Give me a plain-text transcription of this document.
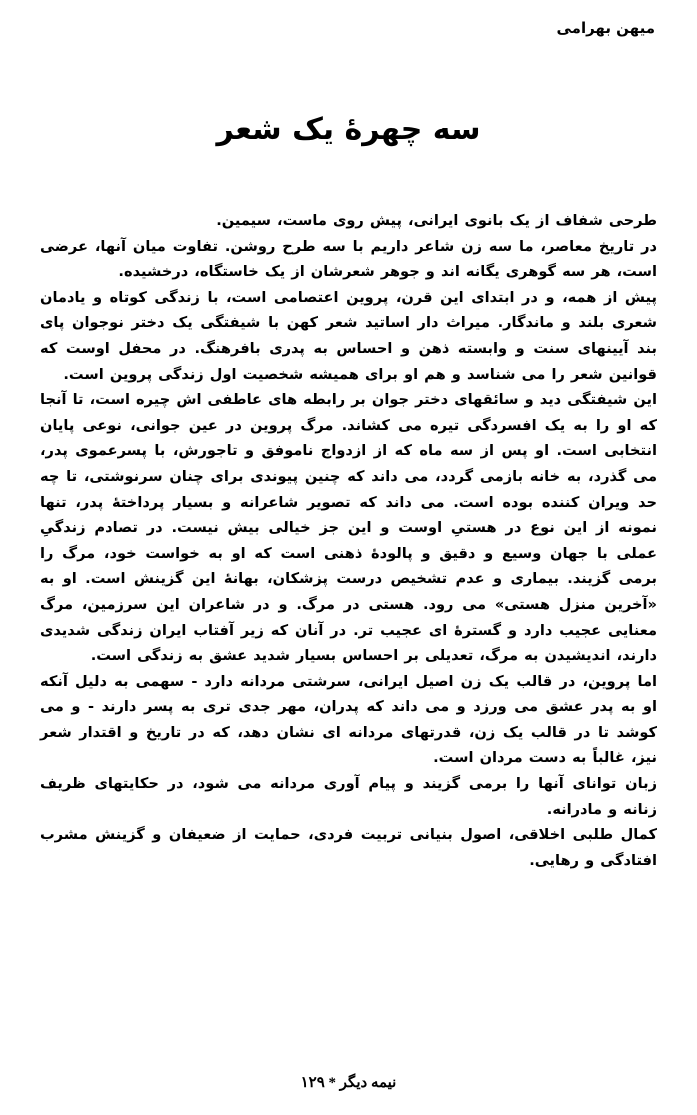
میهن بهرامی
سه چهرهٔ یک شعر

طرحی شفاف از یک بانوی ایرانی، پیش روی ماست، سیمین.

در تاریخ معاصر، ما سه زن شاعر داریم با سه طرح روشن. تفاوت میان آنها، عرضی است، هر سه گوهری یگانه اند و جوهر شعرشان از یک خاستگاه، درخشیده.

پیش از همه، و در ابتدای این قرن، پروین اعتصامی است، با زندگی کوتاه و یادمان شعری بلند و ماندگار. میراث دار اساتید شعر کهن با شیفتگی یک دختر نوجوان پای بند آیینهای سنت و وابسته ذهن و احساس به پدری بافرهنگ. در محفل اوست که قوانین شعر را می شناسد و هم او برای همیشه شخصیت اول زندگی پروین است.

این شیفتگی دید و سائقهای دختر جوان بر رابطه های عاطفی اش چیره است، تا آنجا که او را به یک افسردگی تیره می کشاند. مرگ پروین در عین جوانی، نوعی پایان انتخابی است. او پس از سه ماه که از ازدواج ناموفق و تاجورش، با پسرعموی پدر، می گذرد، به خانه بازمی گردد، می داند که چنین پیوندی برای چنان سرنوشتی، تا چه حد ویران کننده بوده است. می داند که تصویر شاعرانه و بسیار پرداختهٔ پدر، تنها نمونه از این نوع در هستیِ اوست و این جز خیالی بیش نیست. در تصادم زندگیِ عملی با جهان وسیع و دقیق و پالودهٔ ذهنی است که او به خواست خود، مرگ را برمی گزیند. بیماری و عدم تشخیص درست پزشکان، بهانهٔ این گزینش است. او به «آخرین منزل هستی» می رود. هستی در مرگ. و در شاعران این سرزمین، مرگ معنایی عجیب دارد و گسترهٔ ای عجیب تر. در آنان که زیر آفتاب ایران زندگی شدیدی دارند، اندیشیدن به مرگ، تعدیلی بر احساس بسیار شدید عشق به زندگی است.

اما پروین، در قالب یک زن اصیل ایرانی، سرشتی مردانه دارد - سهمی به دلیل آنکه او به پدر عشق می ورزد و می داند که پدران، مهر جدی تری به پسر دارند - و می کوشد تا در قالب یک زن، قدرتهای مردانه ای نشان دهد، که در تاریخ و اقتدار شعر نیز، غالباً به دست مردان است.

زبان توانای آنها را برمی گزیند و پیام آوری مردانه می شود، در حکایتهای ظریف زنانه و مادرانه.

کمال طلبی اخلاقی، اصول بنیانی تربیت فردی، حمایت از ضعیفان و گزینش مشرب افتادگی و رهایی.

نیمه دیگر * ۱۲۹
